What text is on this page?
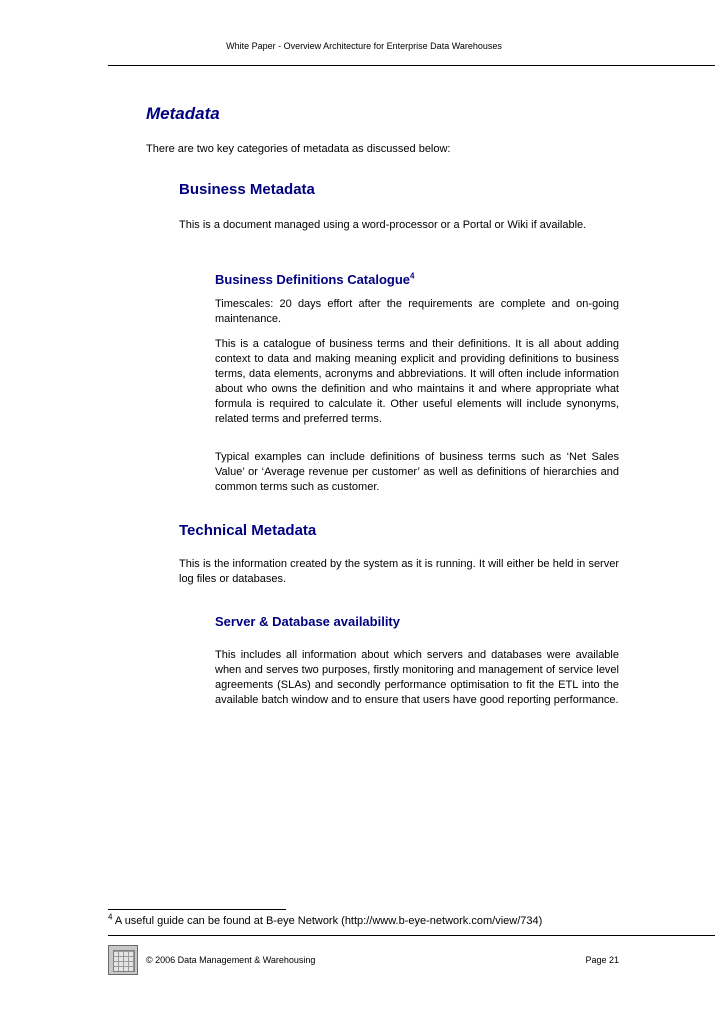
White Paper - Overview Architecture for Enterprise Data Warehouses
Metadata

There are two key categories of metadata as discussed below:

Business Metadata

This is a document managed using a word-processor or a Portal or Wiki if available.

Business Definitions Catalogue$^4$

Timescales: 20 days effort after the requirements are complete and on-going maintenance.

This is a catalogue of business terms and their definitions. It is all about adding context to data and making meaning explicit and providing definitions to business terms, data elements, acronyms and abbreviations. It will often include information about who owns the definition and who maintains it and where appropriate what formula is required to calculate it. Other useful elements will include synonyms, related terms and preferred terms.

Typical examples can include definitions of business terms such as ‘Net Sales Value’ or ‘Average revenue per customer’ as well as definitions of hierarchies and common terms such as customer.

Technical Metadata

This is the information created by the system as it is running. It will either be held in server log files or databases.

Server & Database availability

This includes all information about which servers and databases were available when and serves two purposes, firstly monitoring and management of service level agreements (SLAs) and secondly performance optimisation to fit the ETL into the available batch window and to ensure that users have good reporting performance.

$^4$ A useful guide can be found at B-eye Network (http://www.b-eye-network.com/view/734)

© 2006 Data Management & Warehousing	Page 21
